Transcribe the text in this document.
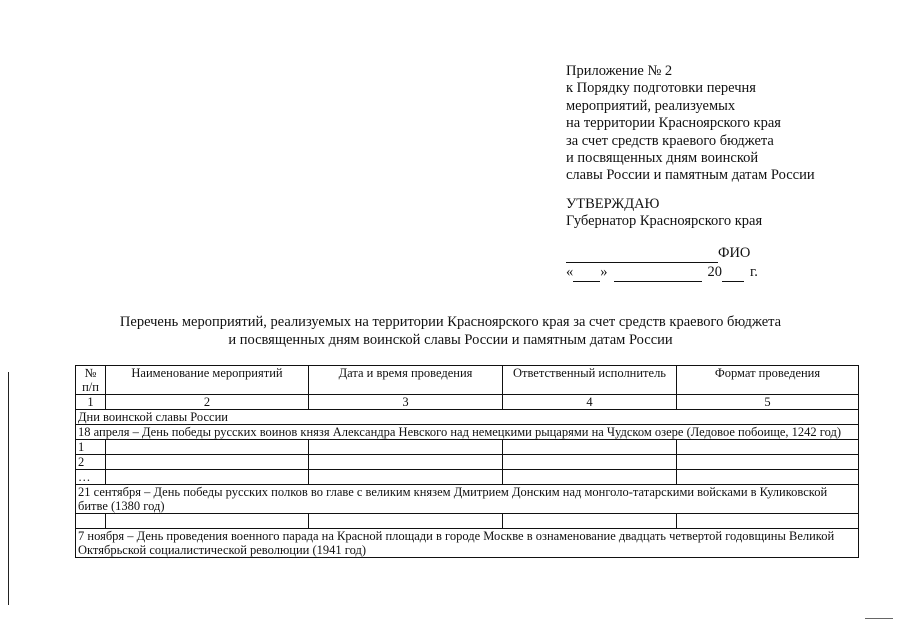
Приложение № 2
к Порядку подготовки перечня
мероприятий, реализуемых
на территории Красноярского края
за счет средств краевого бюджета
и посвященных дням воинской
славы России и памятным датам России
УТВЕРЖДАЮ
Губернатор Красноярского края
ФИО
« »	20 г.
Перечень мероприятий, реализуемых на территории Красноярского края за счет средств краевого бюджета
и посвященных дням воинской славы России и памятным датам России
№ п/п	Наименование мероприятий	Дата и время проведения	Ответственный исполнитель	Формат проведения
1	2	3	4	5
Дни воинской славы России				
18 апреля – День победы русских воинов князя Александра Невского над немецкими рыцарями на Чудском озере (Ледовое побоище, 1242 год)				
1				
2				
…				
21 сентября – День победы русских полков во главе с великим князем Дмитрием Донским над монголо-татарскими войсками в Куликовской битве (1380 год)				

7 ноября – День проведения военного парада на Красной площади в городе Москве в ознаменование двадцать четвертой годовщины Великой Октябрьской социалистической революции (1941 год)				
